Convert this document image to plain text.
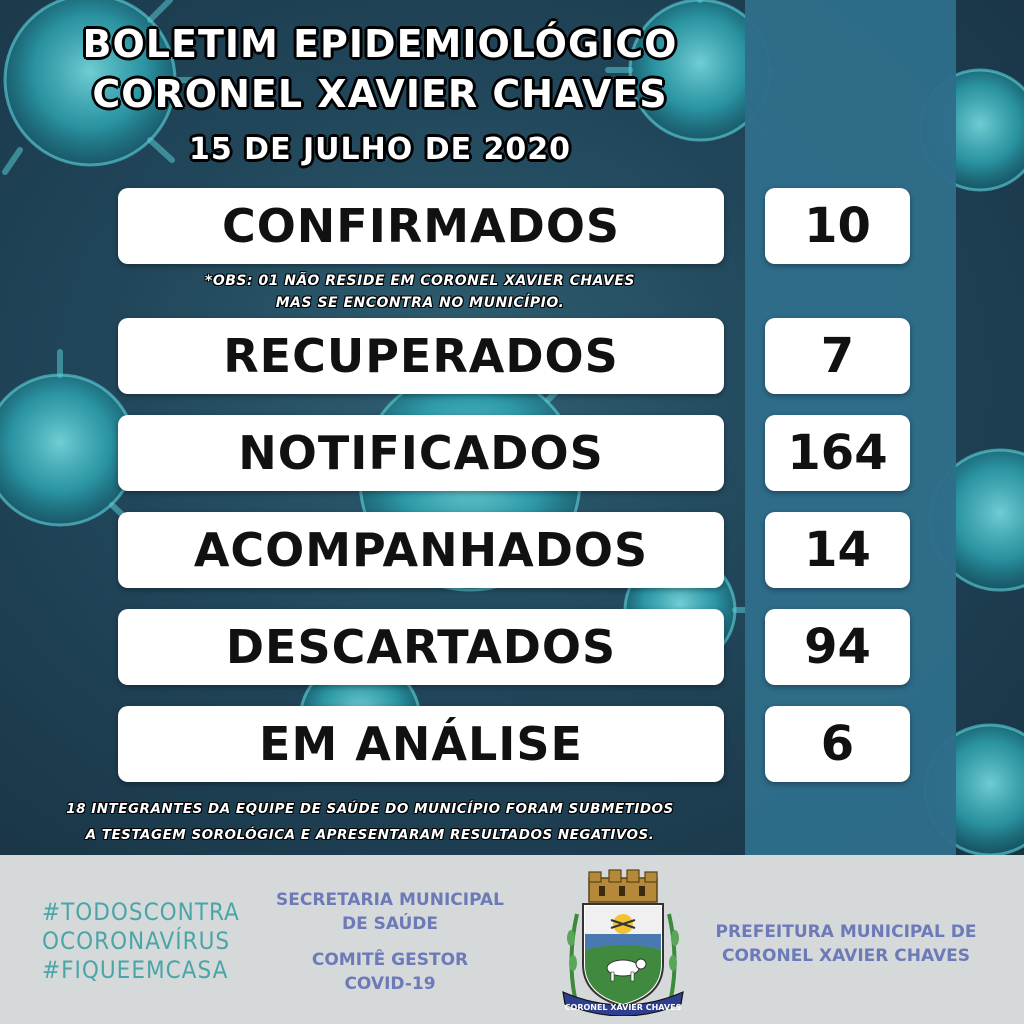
BOLETIM EPIDEMIOLÓGICO
CORONEL XAVIER CHAVES
15 DE JULHO DE 2020
CONFIRMADOS	10
*OBS: 01 NÃO RESIDE EM CORONEL XAVIER CHAVES
MAS SE ENCONTRA NO MUNICÍPIO.
RECUPERADOS	7
NOTIFICADOS	164
ACOMPANHADOS	14
DESCARTADOS	94
EM ANÁLISE	6
18 INTEGRANTES DA EQUIPE DE SAÚDE DO MUNICÍPIO FORAM SUBMETIDOS
A TESTAGEM SOROLÓGICA E APRESENTARAM RESULTADOS NEGATIVOS.
#TODOSCONTRA
OCORONAVÍRUS
#FIQUEEMCASA
SECRETARIA MUNICIPAL
DE SAÚDE
COMITÊ GESTOR
COVID-19
CORONEL XAVIER CHAVES
PREFEITURA MUNICIPAL DE
CORONEL XAVIER CHAVES
